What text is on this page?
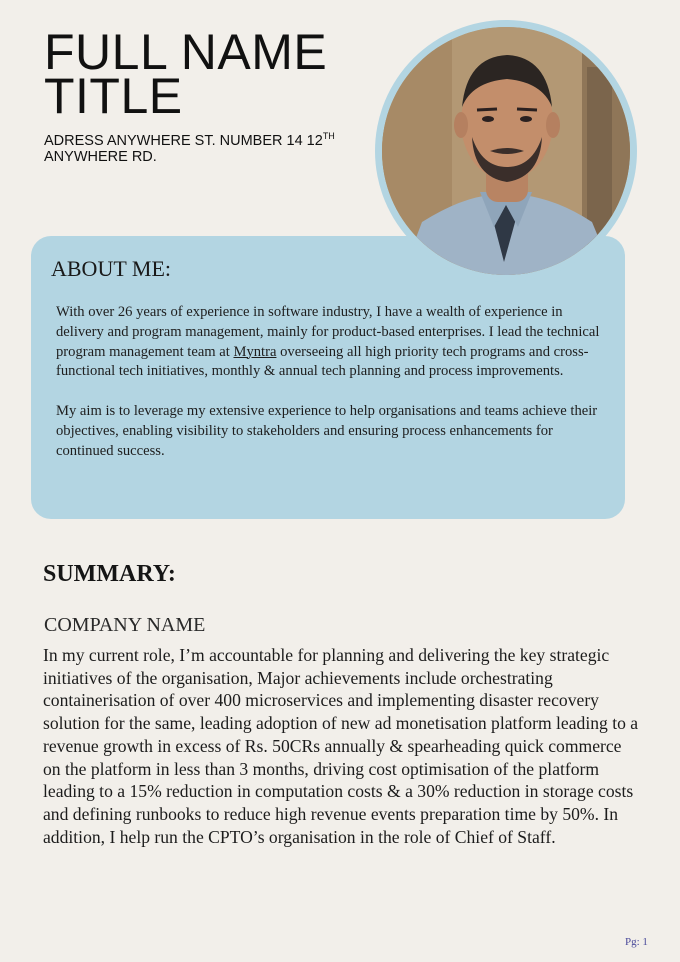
FULL NAME
TITLE
ADRESS ANYWHERE ST. NUMBER 14 12TH
ANYWHERE RD.
ABOUT ME:

With over 26 years of experience in software industry, I have a wealth of experience in delivery and program management, mainly for product-based enterprises. I lead the technical program management team at Myntra overseeing all high priority tech programs and cross-functional tech initiatives, monthly & annual tech planning and process improvements.

My aim is to leverage my extensive experience to help organisations and teams achieve their objectives, enabling visibility to stakeholders and ensuring process enhancements for continued success.

SUMMARY:
COMPANY NAME
In my current role, I’m accountable for planning and delivering the key strategic initiatives of the organisation, Major achievements include orchestrating containerisation of over 400 microservices and implementing disaster recovery solution for the same, leading adoption of new ad monetisation platform leading to a revenue growth in excess of Rs. 50CRs annually & spearheading quick commerce on the platform in less than 3 months, driving cost optimisation of the platform leading to a 15% reduction in computation costs & a 30% reduction in storage costs and defining runbooks to reduce high revenue events preparation time by 50%. In addition, I help run the CPTO’s organisation in the role of Chief of Staff.
Pg: 1
